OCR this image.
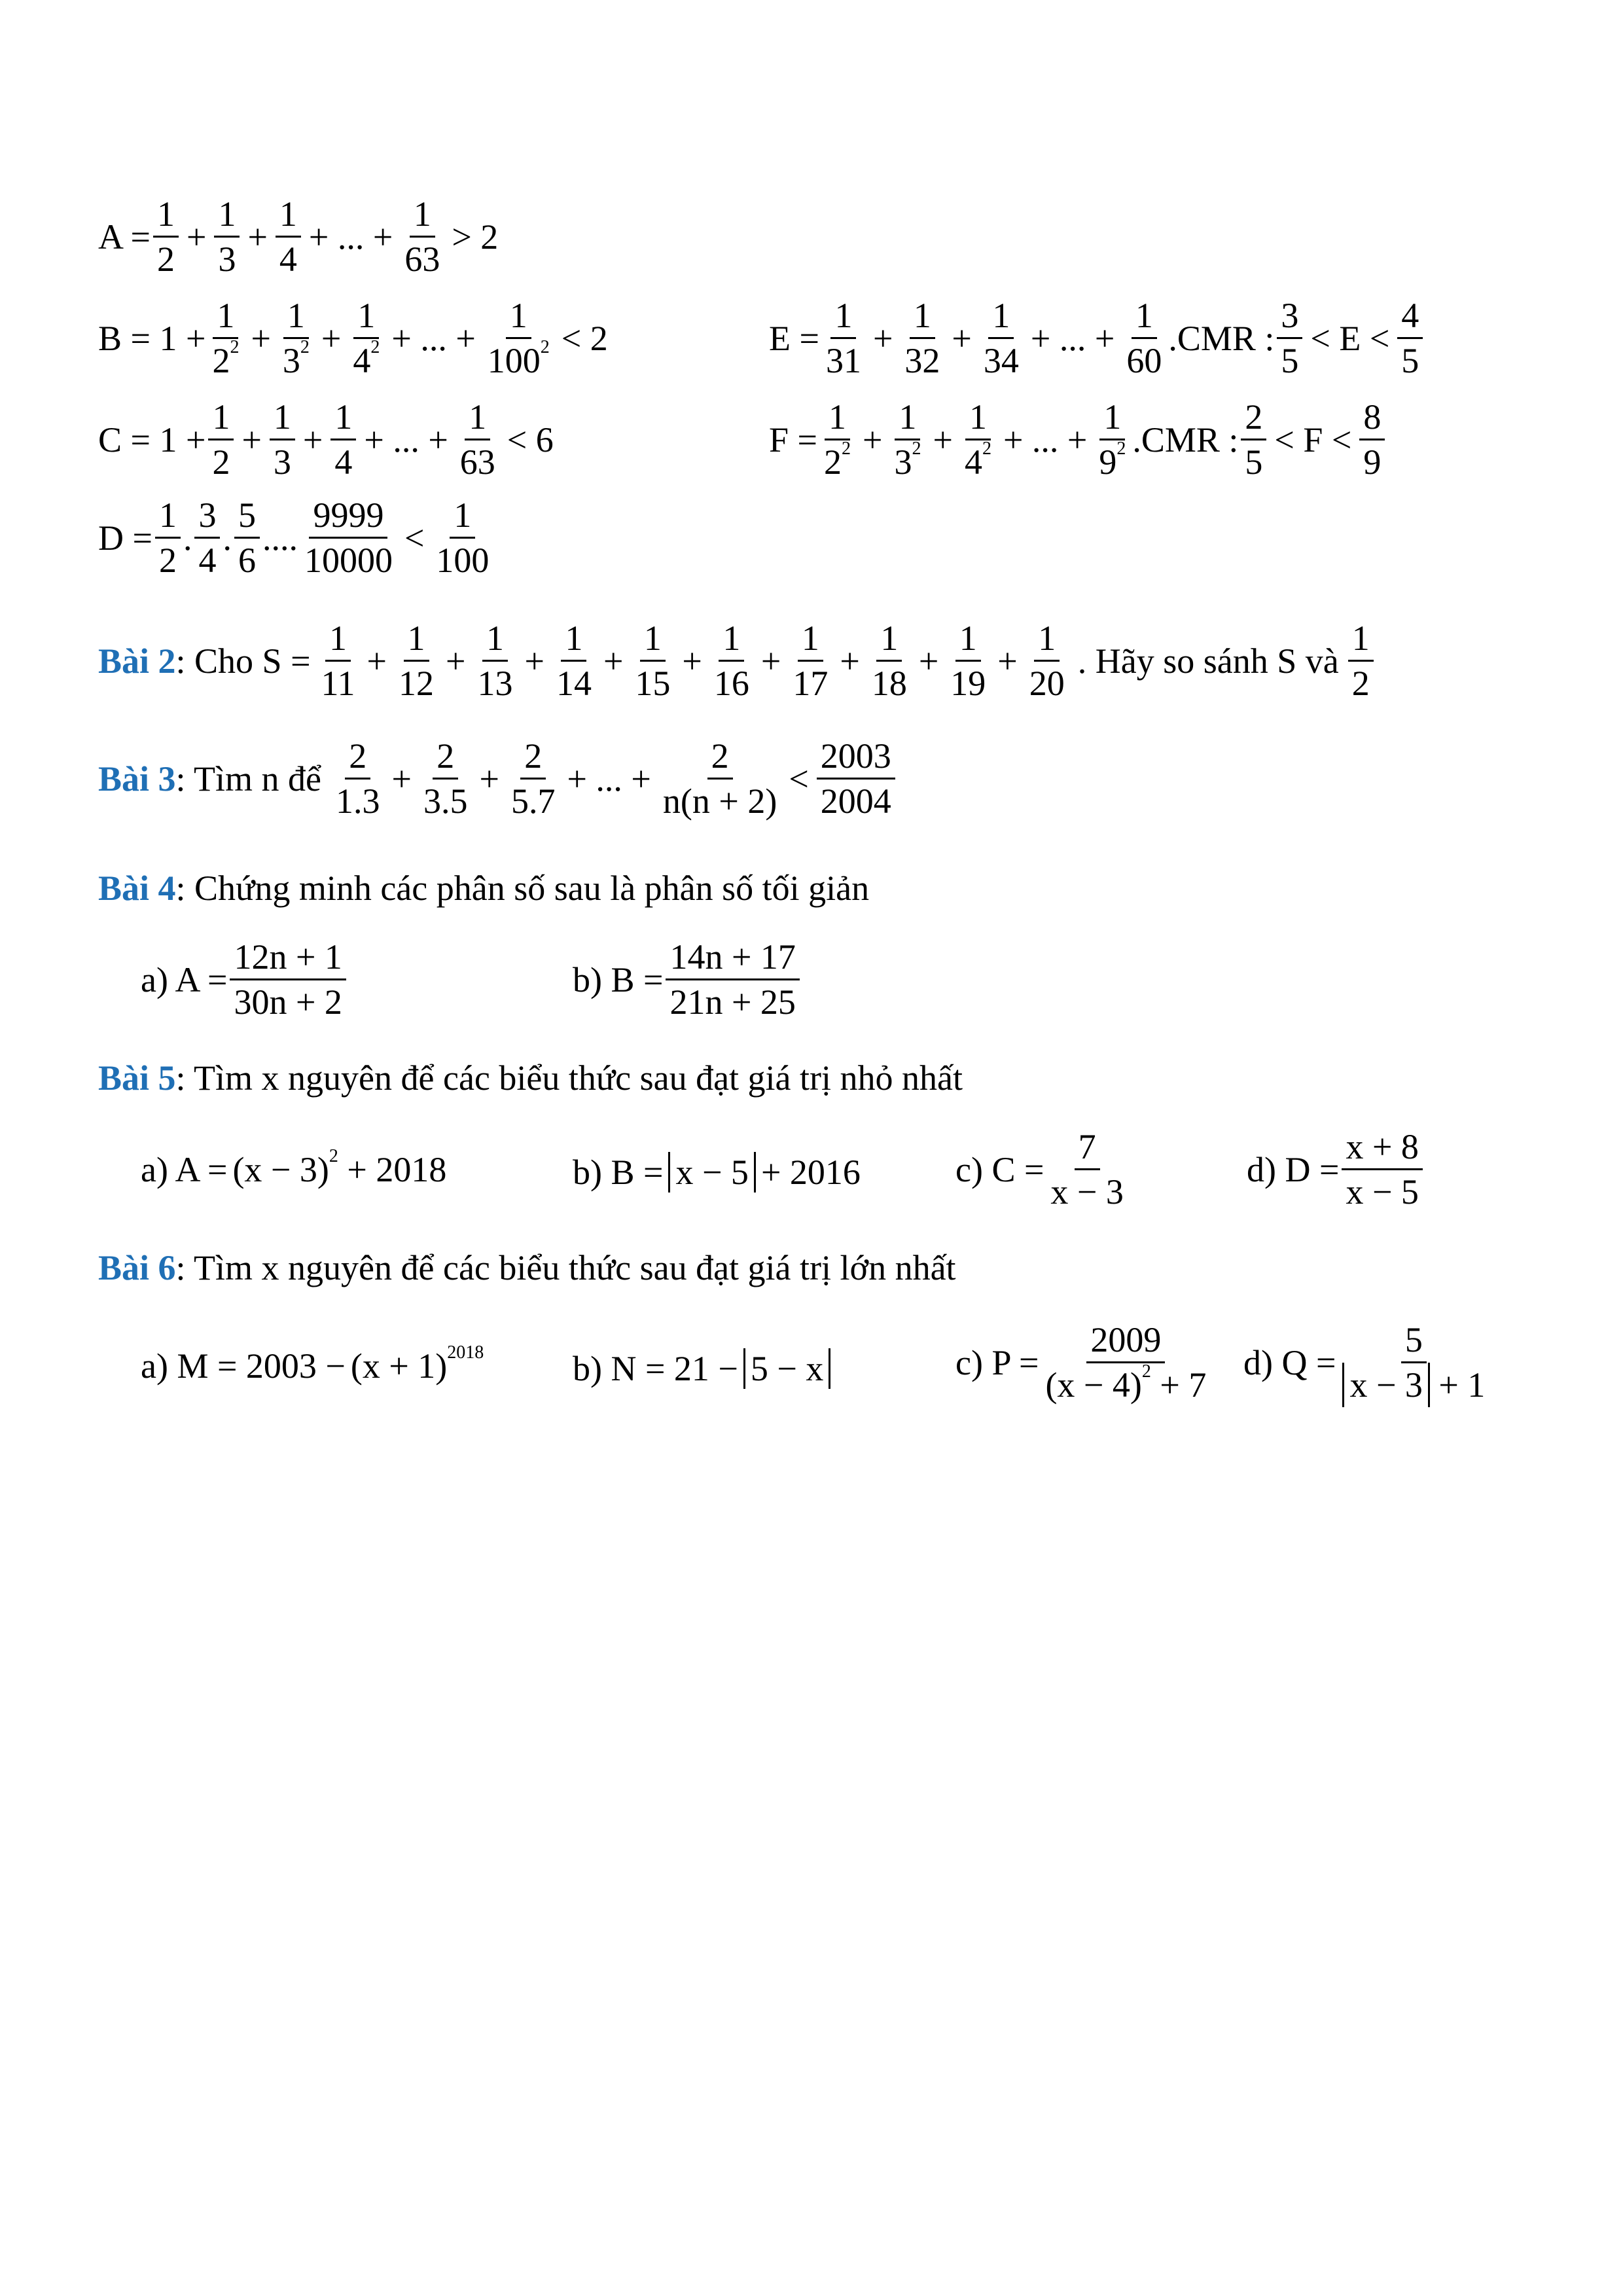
$A = \frac{1}{2} + \frac{1}{3} + \frac{1}{4}$ + ... + $\frac{1}{63} > 2$
$B = 1 + \frac{1}{2^2} + \frac{1}{3^2} + \frac{1}{4^2}$ + ... + $\frac{1}{100^2} < 2$	$E = \frac{1}{31} + \frac{1}{32} + \frac{1}{34}$ + ... + $\frac{1}{60} .CMR$ : $\frac{3}{5} < E < \frac{4}{5}$
$C = 1 + \frac{1}{2} + \frac{1}{3} + \frac{1}{4}$ + ... + $\frac{1}{63} < 6$	$F = \frac{1}{2^2} + \frac{1}{3^2} + \frac{1}{4^2}$ + ... + $\frac{1}{9^2} .CMR$ : $\frac{2}{5} < F < \frac{8}{9}$
$D = \frac{1}{2}$ . $\frac{3}{4}$ . $\frac{5}{6}$ .... $\frac{9999}{10000} < \frac{1}{100}$
Bài 2 : Cho $S = \frac{1}{11} + \frac{1}{12} + \frac{1}{13} + \frac{1}{14} + \frac{1}{15} + \frac{1}{16} + \frac{1}{17} + \frac{1}{18} + \frac{1}{19} + \frac{1}{20}$ . Hãy so sánh S và $\frac{1}{2}$
Bài 3 : Tìm n để $\frac{2}{1.3} + \frac{2}{3.5} + \frac{2}{5.7}$ + ... + $\frac{2}{n(n + 2)} < \frac{2003}{2004}$
Bài 4 : Chứng minh các phân số sau là phân số tối giản
a) $A = \frac{12n + 1}{30n + 2}$	b) $B = \frac{14n + 17}{21n + 25}$
Bài 5 : Tìm x nguyên để các biểu thức sau đạt giá trị nhỏ nhất
a) $A = (x - 3)^2 + 2018$	b) B = x − 5 + 2016	c) $C = \frac{7}{x - 3}$	d) $D = \frac{x + 8}{x - 5}$
Bài 6 : Tìm x nguyên để các biểu thức sau đạt giá trị lớn nhất
a) $M = 2003 - (x + 1)^{2018}$	b) N = 21 − 5 − x	c) $P = \frac{2009}{(x - 4)^2 + 7} d$) $Q = \frac{5}{x - 3 + 1}$
